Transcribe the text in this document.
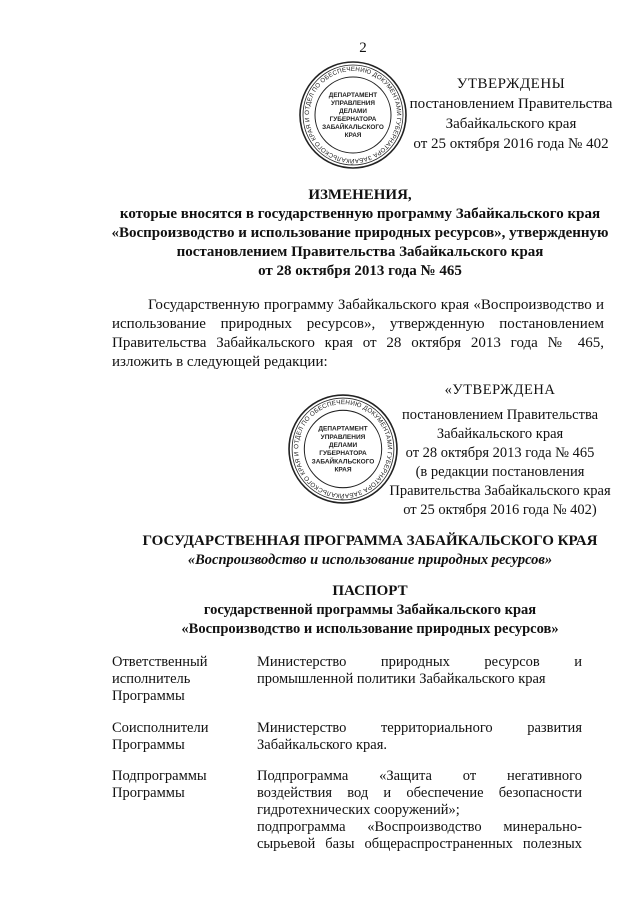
2
ОТДЕЛ ПО ОБЕСПЕЧЕНИЮ ДОКУМЕНТАМИ ГУБЕРНАТОРА ЗАБАЙКАЛЬСКОГО КРАЯ И
ДЕПАРТАМЕНТ
УПРАВЛЕНИЯ
ДЕЛАМИ
ГУБЕРНАТОРА
ЗАБАЙКАЛЬСКОГО
КРАЯ
УТВЕРЖДЕНЫ
постановлением Правительства
Забайкальского края
от 25 октября 2016 года № 402
ИЗМЕНЕНИЯ,
которые вносятся в государственную программу Забайкальского края
«Воспроизводство и использование природных ресурсов», утвержденную
постановлением Правительства Забайкальского края
от 28 октября 2013 года № 465

Государственную программу Забайкальского края «Воспроизводство и использование природных ресурсов», утвержденную постановлением Правительства Забайкальского края от 28 октября 2013 года № 465, изложить в следующей редакции:

ОТДЕЛ ПО ОБЕСПЕЧЕНИЮ ДОКУМЕНТАМИ ГУБЕРНАТОРА ЗАБАЙКАЛЬСКОГО КРАЯ И
ДЕПАРТАМЕНТ
УПРАВЛЕНИЯ
ДЕЛАМИ
ГУБЕРНАТОРА
ЗАБАЙКАЛЬСКОГО
КРАЯ
«УТВЕРЖДЕНА
постановлением Правительства
Забайкальского края
от 28 октября 2013 года № 465
(в редакции постановления
Правительства Забайкальского края
от 25 октября 2016 года № 402)
ГОСУДАРСТВЕННАЯ ПРОГРАММА ЗАБАЙКАЛЬСКОГО КРАЯ
«Воспроизводство и использование природных ресурсов»
ПАСПОРТ
государственной программы Забайкальского края
«Воспроизводство и использование природных ресурсов»
Ответственный
исполнитель
Программы
Министерство природных ресурсов и
промышленной политики Забайкальского края
Соисполнители
Программы
Министерство территориального развития
Забайкальского края.
Подпрограммы
Программы
Подпрограмма «Защита от негативного
воздействия вод и обеспечение безопасности
гидротехнических сооружений»;
подпрограмма «Воспроизводство минерально-
сырьевой базы общераспространенных полезных
